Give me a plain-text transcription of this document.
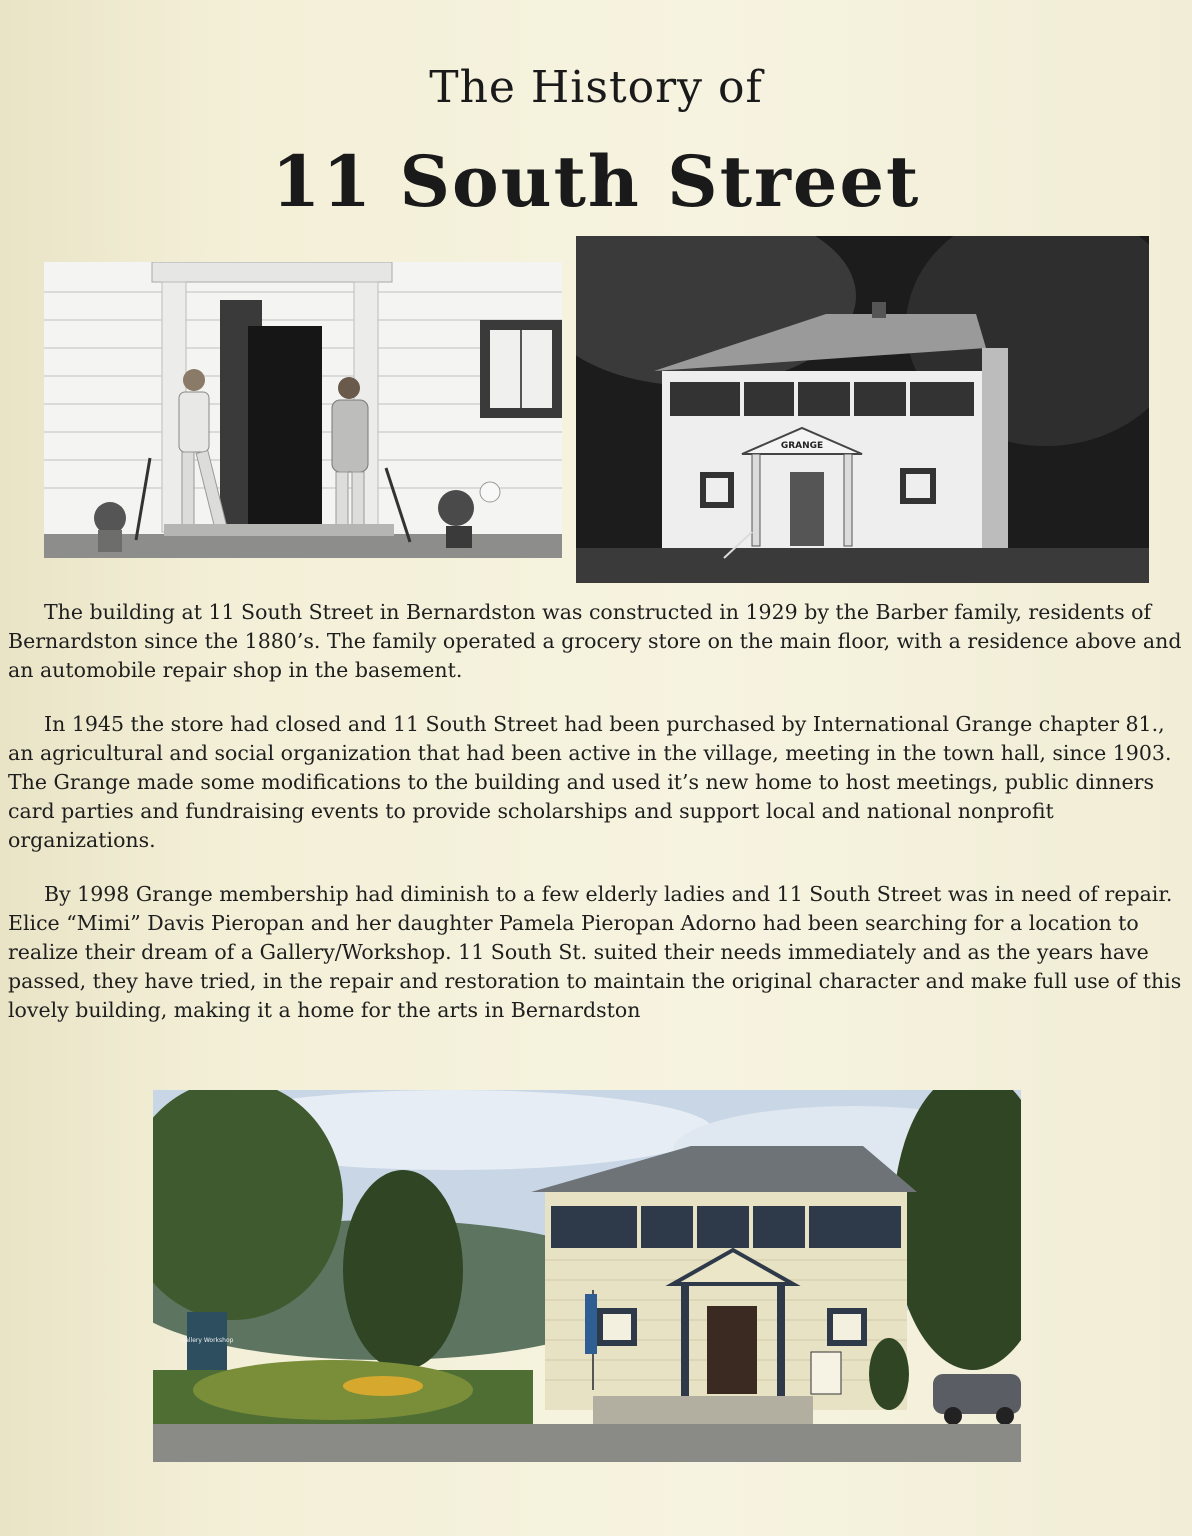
The History of
11 South Street
GRANGE

The building at 11 South Street in Bernardston was constructed in 1929 by the Barber family, residents of Bernardston since the 1880’s. The family operated a grocery store on the main floor, with a residence above and an automobile repair shop in the basement.

In 1945 the store had closed and 11 South Street had been purchased by International Grange chapter 81., an agricultural and social organization that had been active in the village, meeting in the town hall, since 1903. The Grange made some modifications to the building and used it’s new home to host meetings, public dinners card parties and fundraising events to provide scholarships and support local and national nonprofit organizations.

By 1998 Grange membership had diminish to a few elderly ladies and 11 South Street was in need of repair. Elice “Mimi” Davis Pieropan and her daughter Pamela Pieropan Adorno had been searching for a location to realize their dream of a Gallery/Workshop. 11 South St. suited their needs immediately and as the years have passed, they have tried, in the repair and restoration to maintain the original character and make full use of this lovely building, making it a home for the arts in Bernardston

Gallery Workshop
